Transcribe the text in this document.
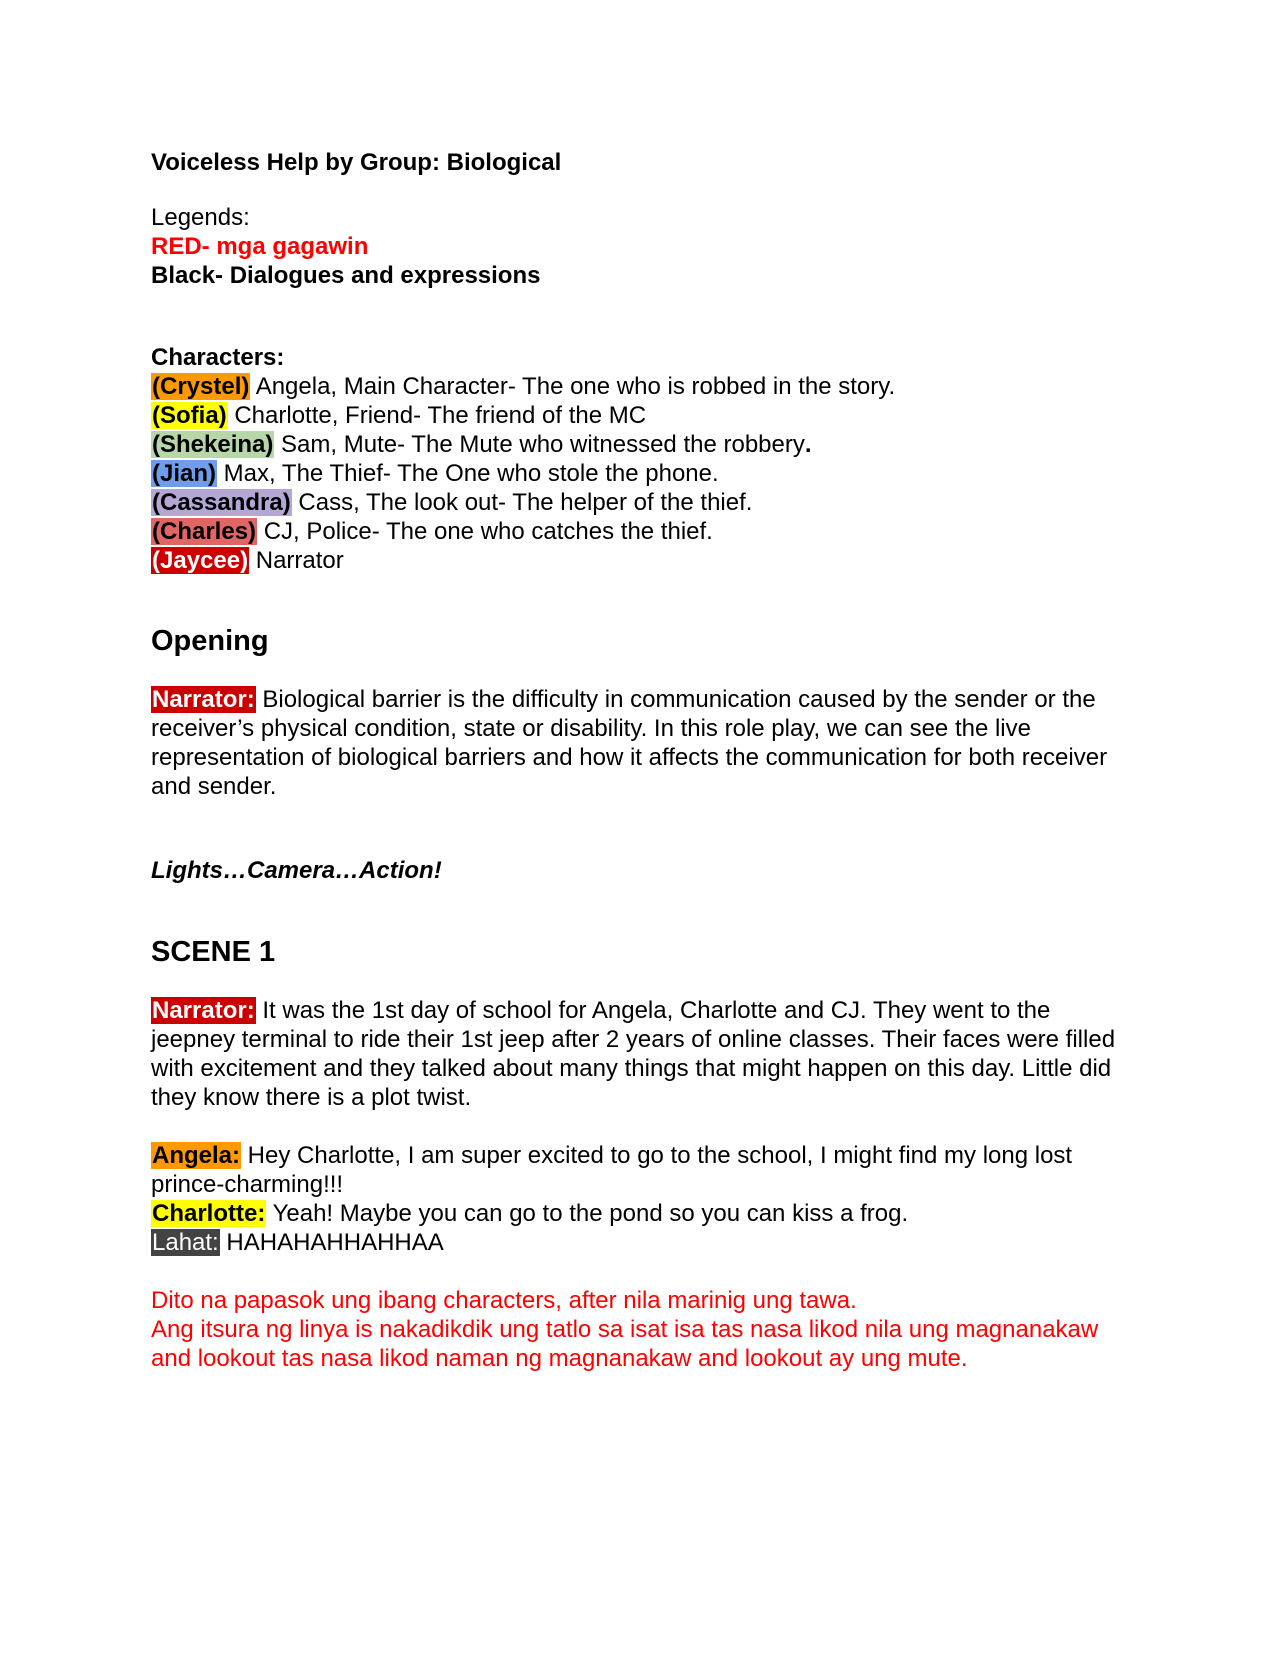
Voiceless Help by Group: Biological

Legends:

RED- mga gagawin

Black- Dialogues and expressions

Characters:

(Crystel) Angela, Main Character- The one who is robbed in the story.

(Sofia) Charlotte, Friend- The friend of the MC

(Shekeina) Sam, Mute- The Mute who witnessed the robbery.

(Jian) Max, The Thief- The One who stole the phone.

(Cassandra) Cass, The look out- The helper of the thief.

(Charles) CJ, Police- The one who catches the thief.

(Jaycee) Narrator

Opening

Narrator: Biological barrier is the difficulty in communication caused by the sender or the receiver’s physical condition, state or disability. In this role play, we can see the live representation of biological barriers and how it affects the communication for both receiver and sender.

Lights…Camera…Action!

SCENE 1

Narrator: It was the 1st day of school for Angela, Charlotte and CJ. They went to the jeepney terminal to ride their 1st jeep after 2 years of online classes. Their faces were filled with excitement and they talked about many things that might happen on this day. Little did they know there is a plot twist.

Angela: Hey Charlotte, I am super excited to go to the school, I might find my long lost prince-charming!!!

Charlotte: Yeah! Maybe you can go to the pond so you can kiss a frog.

Lahat: HAHAHAHHAHHAA

Dito na papasok ung ibang characters, after nila marinig ung tawa.

Ang itsura ng linya is nakadikdik ung tatlo sa isat isa tas nasa likod nila ung magnanakaw and lookout tas nasa likod naman ng magnanakaw and lookout ay ung mute.
